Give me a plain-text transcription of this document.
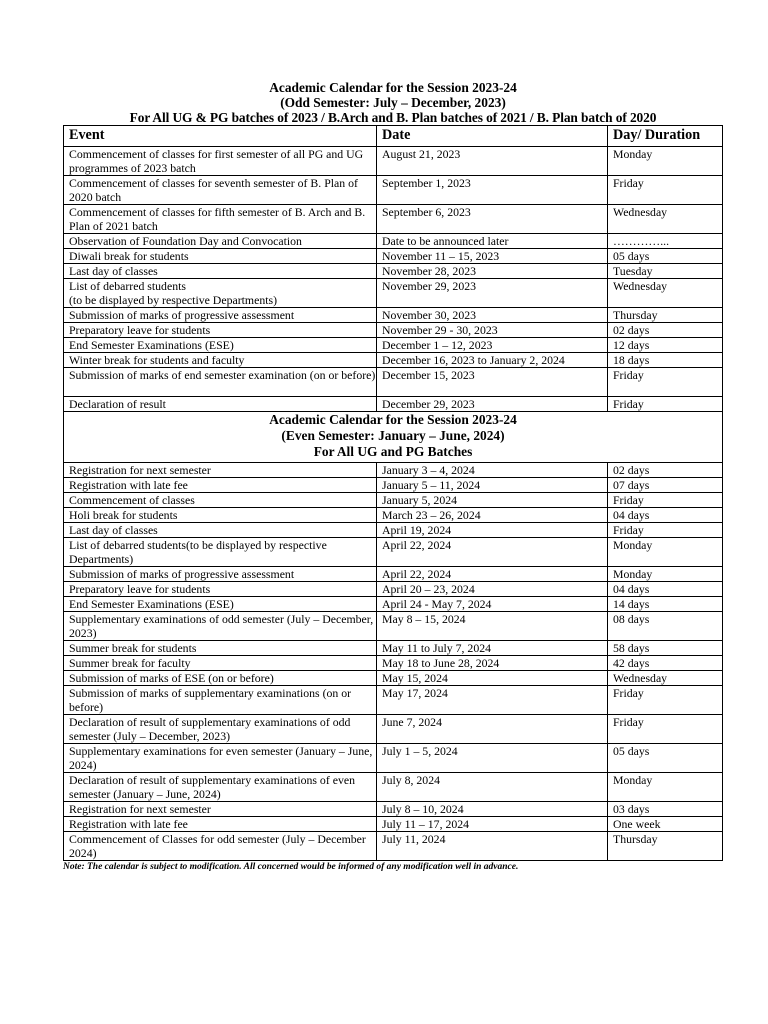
Academic Calendar for the Session 2023-24
(Odd Semester: July – December, 2023)
For All UG & PG batches of 2023 / B.Arch and B. Plan batches of 2021 / B. Plan batch of 2020
Event	Date	Day/ Duration
Commencement of classes for first semester of all PG and UG programmes of 2023 batch	August 21, 2023	Monday
Commencement of classes for seventh semester of B. Plan of 2020 batch	September 1, 2023	Friday
Commencement of classes for fifth semester of B. Arch and B. Plan of 2021 batch	September 6, 2023	Wednesday
Observation of Foundation Day and Convocation	Date to be announced later	…………...
Diwali break for students	November 11 – 15, 2023	05 days
Last day of classes	November 28, 2023	Tuesday
List of debarred students
(to be displayed by respective Departments)	November 29, 2023	Wednesday
Submission of marks of progressive assessment	November 30, 2023	Thursday
Preparatory leave for students	November 29 - 30, 2023	02 days
End Semester Examinations (ESE)	December 1 – 12, 2023	12 days
Winter break for students and faculty	December 16, 2023 to January 2, 2024	18 days
Submission of marks of end semester examination (on or before)	December 15, 2023	Friday
Declaration of result	December 29, 2023	Friday

Academic Calendar for the Session 2023-24
(Even Semester: January – June, 2024)
For All UG and PG Batches		

Registration for next semester	January 3 – 4, 2024	02 days
Registration with late fee	January 5 – 11, 2024	07 days
Commencement of classes	January 5, 2024	Friday
Holi break for students	March 23 – 26, 2024	04 days
Last day of classes	April 19, 2024	Friday
List of debarred students(to be displayed by respective Departments)	April 22, 2024	Monday
Submission of marks of progressive assessment	April 22, 2024	Monday
Preparatory leave for students	April 20 – 23, 2024	04 days
End Semester Examinations (ESE)	April 24 - May 7, 2024	14 days
Supplementary examinations of odd semester (July – December, 2023)	May 8 – 15, 2024	08 days
Summer break for students	May 11 to July 7, 2024	58 days
Summer break for faculty	May 18 to June 28, 2024	42 days
Submission of marks of ESE (on or before)	May 15, 2024	Wednesday
Submission of marks of supplementary examinations (on or before)	May 17, 2024	Friday
Declaration of result of supplementary examinations of odd semester (July – December, 2023)	June 7, 2024	Friday
Supplementary examinations for even semester (January – June, 2024)	July 1 – 5, 2024	05 days
Declaration of result of supplementary examinations of even semester (January – June, 2024)	July 8, 2024	Monday
Registration for next semester	July 8 – 10, 2024	03 days
Registration with late fee	July 11 – 17, 2024	One week
Commencement of Classes for odd semester (July – December 2024)	July 11, 2024	Thursday
Note: The calendar is subject to modification. All concerned would be informed of any modification well in advance.
